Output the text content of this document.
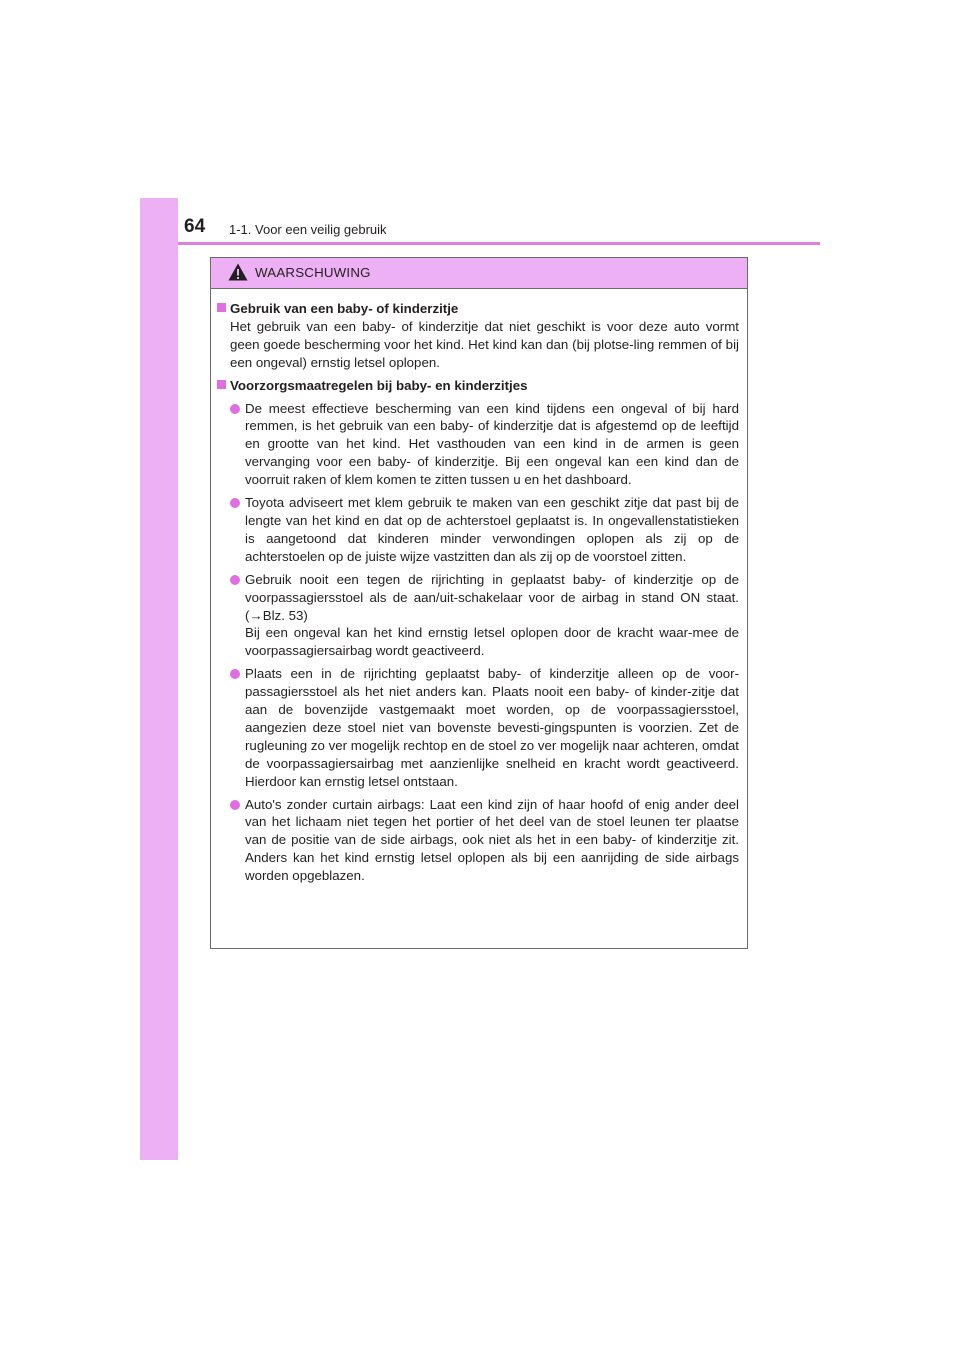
64 1-1. Voor een veilig gebruik
WAARSCHUWING
Gebruik van een baby- of kinderzitje
Het gebruik van een baby- of kinderzitje dat niet geschikt is voor deze auto vormt geen goede bescherming voor het kind. Het kind kan dan (bij plotse-ling remmen of bij een ongeval) ernstig letsel oplopen.
Voorzorgsmaatregelen bij baby- en kinderzitjes
De meest effectieve bescherming van een kind tijdens een ongeval of bij hard remmen, is het gebruik van een baby- of kinderzitje dat is afgestemd op de leeftijd en grootte van het kind. Het vasthouden van een kind in de armen is geen vervanging voor een baby- of kinderzitje. Bij een ongeval kan een kind dan de voorruit raken of klem komen te zitten tussen u en het dashboard.
Toyota adviseert met klem gebruik te maken van een geschikt zitje dat past bij de lengte van het kind en dat op de achterstoel geplaatst is. In ongevallenstatistieken is aangetoond dat kinderen minder verwondingen oplopen als zij op de achterstoelen op de juiste wijze vastzitten dan als zij op de voorstoel zitten.
Gebruik nooit een tegen de rijrichting in geplaatst baby- of kinderzitje op de voorpassagiersstoel als de aan/uit-schakelaar voor de airbag in stand ON staat. (→Blz. 53)
Bij een ongeval kan het kind ernstig letsel oplopen door de kracht waar-mee de voorpassagiersairbag wordt geactiveerd.
Plaats een in de rijrichting geplaatst baby- of kinderzitje alleen op de voor-passagiersstoel als het niet anders kan. Plaats nooit een baby- of kinder-zitje dat aan de bovenzijde vastgemaakt moet worden, op de voorpassagiersstoel, aangezien deze stoel niet van bovenste bevesti-gingspunten is voorzien. Zet de rugleuning zo ver mogelijk rechtop en de stoel zo ver mogelijk naar achteren, omdat de voorpassagiersairbag met aanzienlijke snelheid en kracht wordt geactiveerd. Hierdoor kan ernstig letsel ontstaan.
Auto's zonder curtain airbags: Laat een kind zijn of haar hoofd of enig ander deel van het lichaam niet tegen het portier of het deel van de stoel leunen ter plaatse van de positie van de side airbags, ook niet als het in een baby- of kinderzitje zit. Anders kan het kind ernstig letsel oplopen als bij een aanrijding de side airbags worden opgeblazen.
